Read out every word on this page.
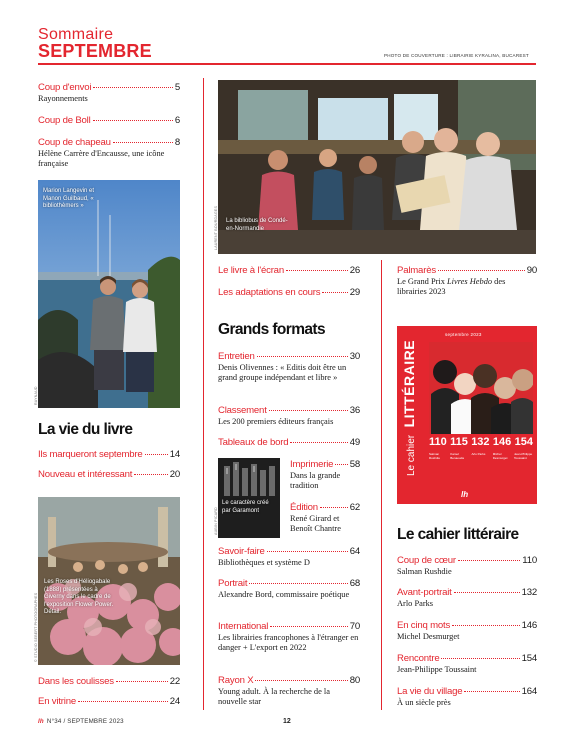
Sommaire
SEPTEMBRE	PHOTO DE COUVERTURE : LIBRAIRIE KYRALINA, BUCAREST
Coup d'envoi	5
Rayonnements
Coup de Boll	6
Coup de chapeau	8
Hélène Carrère d'Encausse, une icône française
Marion Langevin et Manon Guilbaud, « bibliothèmers »
RAYNAUD
La vie du livre
Ils marqueront septembre	14
Nouveau et intéressant	20
Les Roses d'Héliogabale (1888) présentées à Giverny dans le cadre de l'exposition Flower Power. Détail.
© STUDIO SEBERT PHOTOGRAPHES
Dans les coulisses	22
En vitrine	24
La bibliobus de Condé-en-Normandie
LAURENT BOURDAGES
Le livre à l'écran	26
Les adaptations en cours	29
Grands formats
Entretien	30
Denis Olivennes : « Editis doit être un grand groupe indépendant et libre »
Classement	36
Les 200 premiers éditeurs français
Tableaux de bord	49
Le caractère créé par Garamont
AUBIN PICARD
Imprimerie 58
Dans la grande tradition
Édition	62
René Girard et Benoît Chantre
Savoir-faire	64
Bibliothèques et système D
Portrait	68
Alexandre Bord, commissaire poétique
International	70
Les librairies francophones à l'étranger en danger + L'export en 2022
Rayon X	80
Young adult. À la recherche de la nouvelle star
Palmarès	90
Le Grand Prix Livres Hebdo des librairies 2023
septembre 2023
Le cahier LITTÉRAIRE
110 115 132 146 154
Salman Rushdie
Kamel Benaouda
Arlo Parks	Michel Desmurget
Jean-Philippe Toussaint
lh
Le cahier littéraire
Coup de cœur	110
Salman Rushdie
Avant-portrait	132
Arlo Parks
En cinq mots	146
Michel Desmurget
Rencontre	154
Jean-Philippe Toussaint
La vie du village	164
À un siècle près
lh N°34 / SEPTEMBRE 2023	12
